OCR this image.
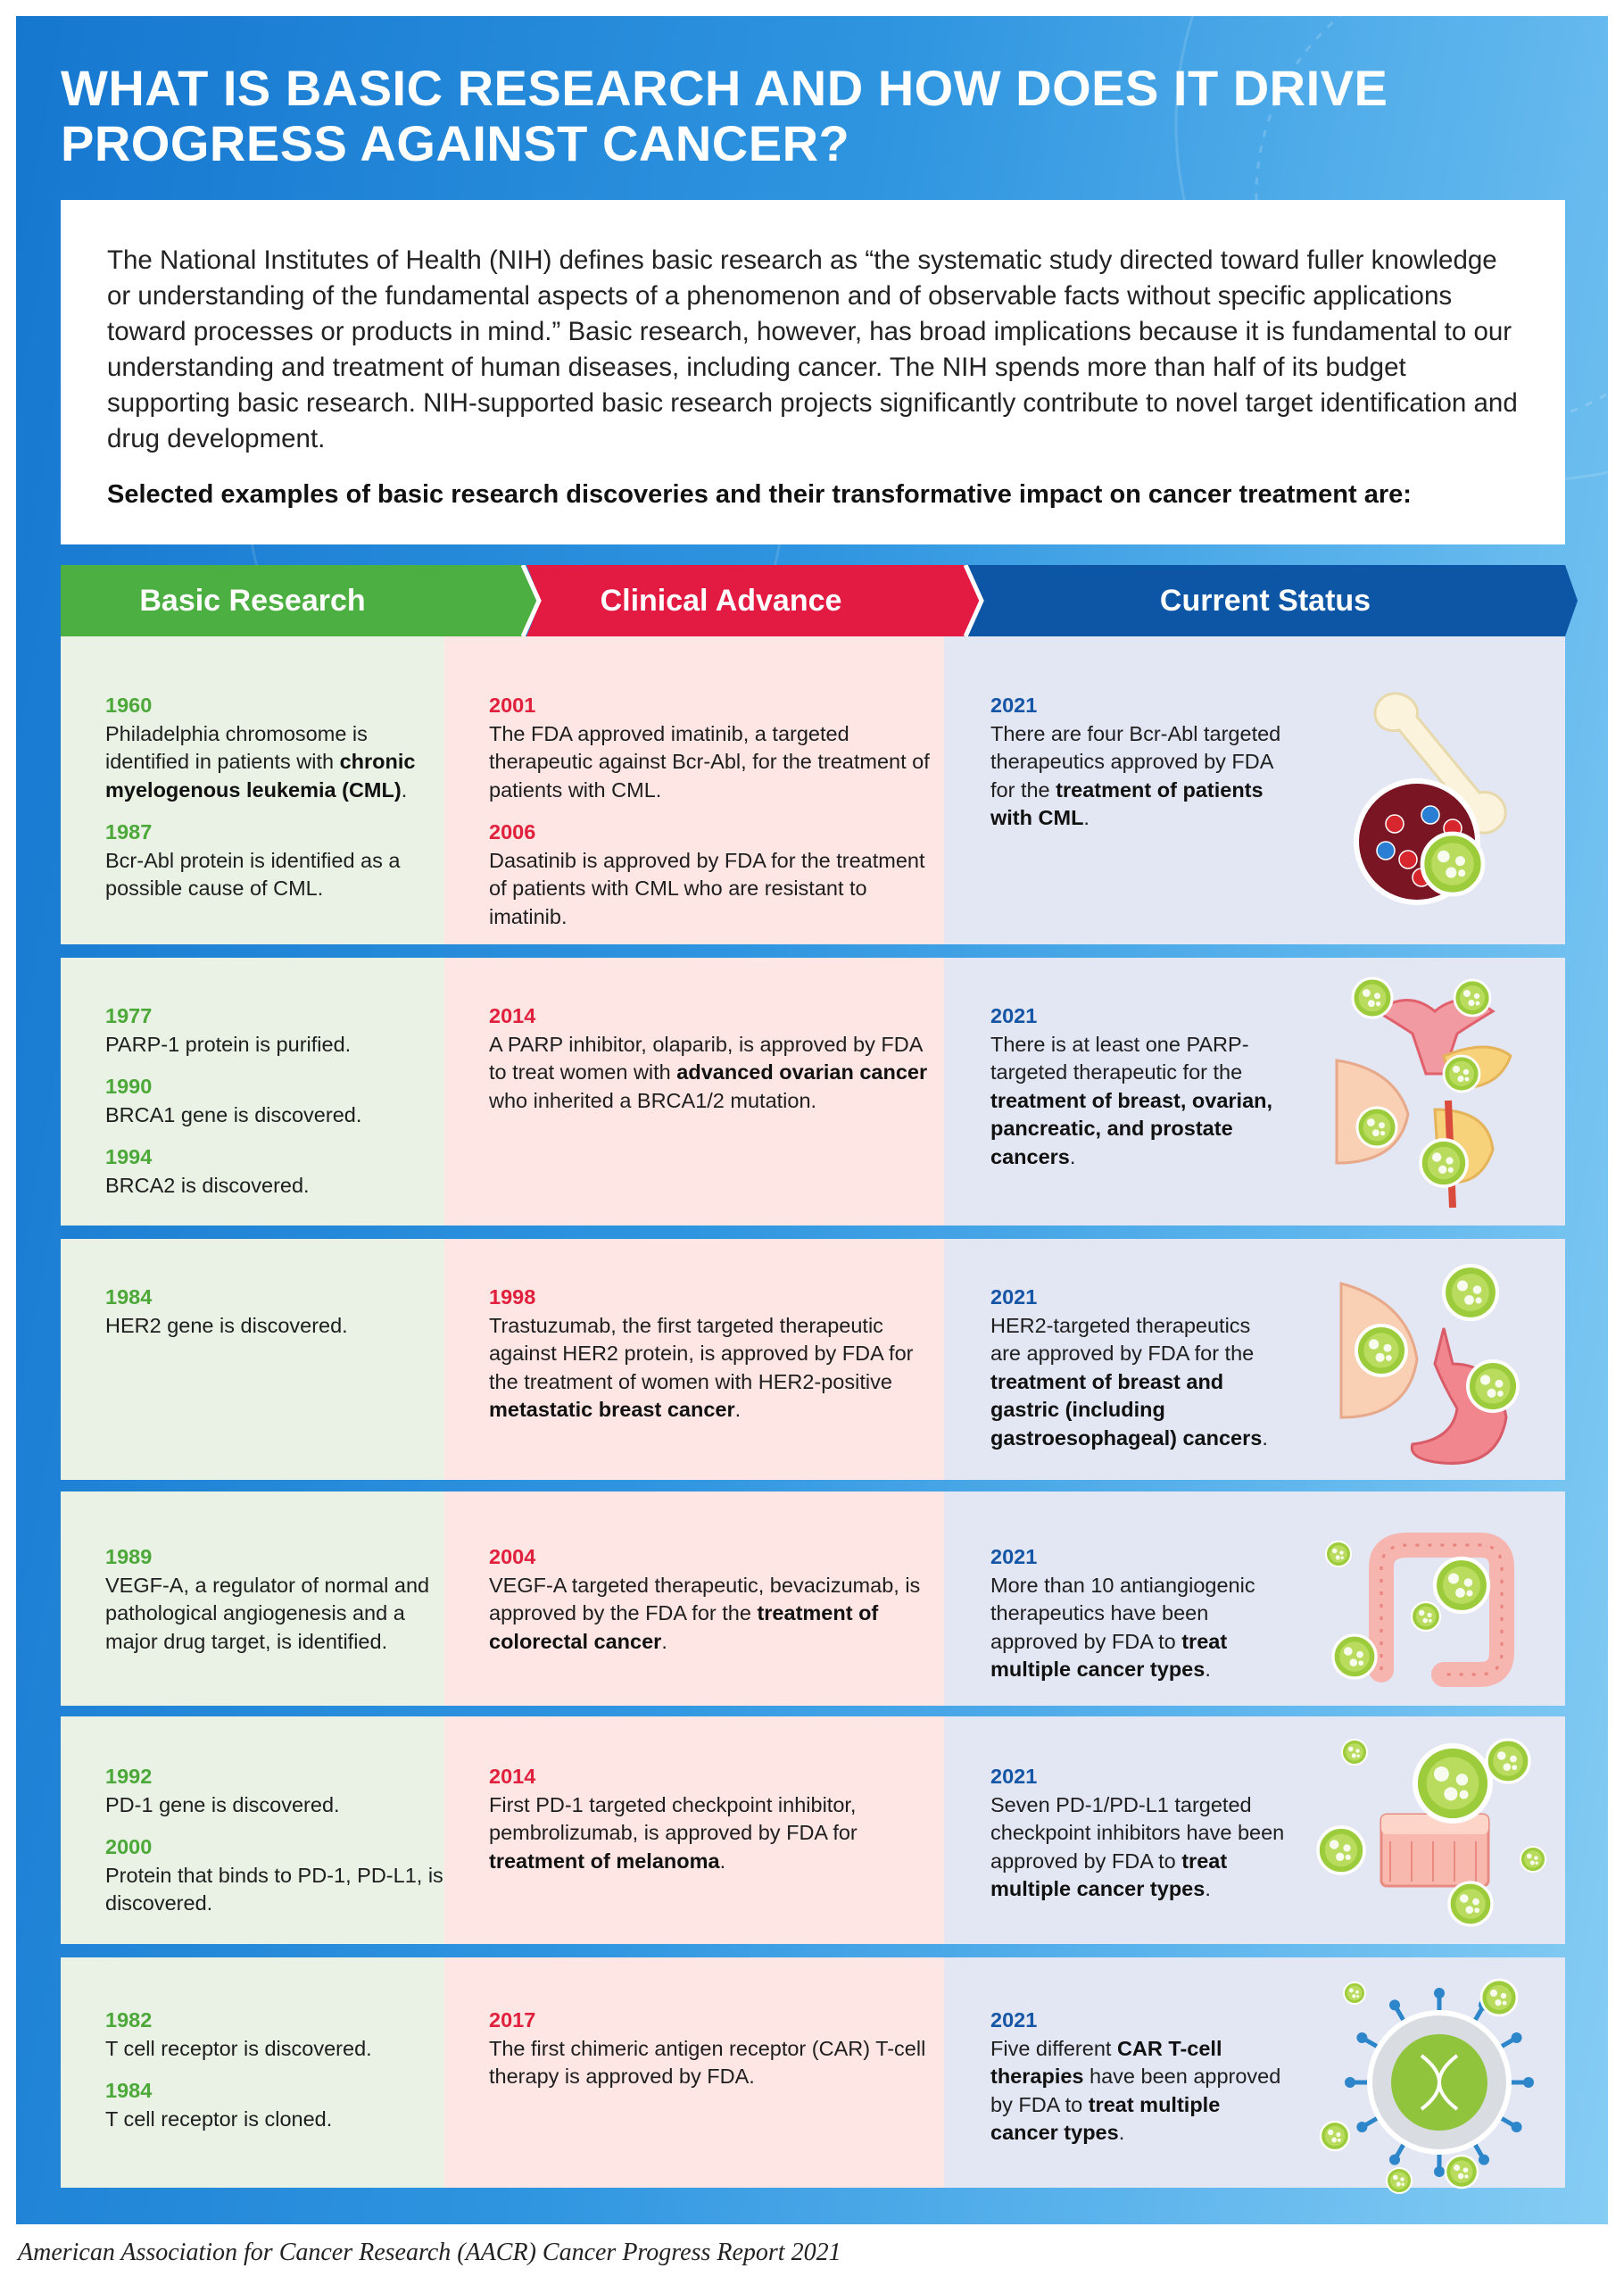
WHAT IS BASIC RESEARCH AND HOW DOES IT DRIVE
PROGRESS AGAINST CANCER?

The National Institutes of Health (NIH) defines basic research as “the systematic study directed toward fuller knowledge or understanding of the fundamental aspects of a phenomenon and of observable facts without specific applications toward processes or products in mind.” Basic research, however, has broad implications because it is fundamental to our understanding and treatment of human diseases, including cancer. The NIH spends more than half of its budget supporting basic research. NIH-supported basic research projects significantly contribute to novel target identification and drug development.

Selected examples of basic research discoveries and their transformative impact on cancer treatment are:

Basic Research	Clinical Advance	Current Status
1960
Philadelphia chromosome is identified in patients with chronic myelogenous leukemia (CML).
1987
Bcr-Abl protein is identified as a possible cause of CML.
2001
The FDA approved imatinib, a targeted therapeutic against Bcr-Abl, for the treatment of patients with CML.
2006
Dasatinib is approved by FDA for the treatment of patients with CML who are resistant to imatinib.
2021
There are four Bcr-Abl targeted therapeutics approved by FDA for the treatment of patients with CML.
1977
PARP-1 protein is purified.
1990
BRCA1 gene is discovered.
1994
BRCA2 is discovered.
2014
A PARP inhibitor, olaparib, is approved by FDA to treat women with advanced ovarian cancer who inherited a BRCA1/2 mutation.
2021
There is at least one PARP-targeted therapeutic for the treatment of breast, ovarian, pancreatic, and prostate cancers.
1984
HER2 gene is discovered.
1998
Trastuzumab, the first targeted therapeutic against HER2 protein, is approved by FDA for the treatment of women with HER2-positive metastatic breast cancer.
2021
HER2-targeted therapeutics are approved by FDA for the treatment of breast and gastric (including gastroesophageal) cancers.
1989
VEGF-A, a regulator of normal and pathological angiogenesis and a major drug target, is identified.
2004
VEGF-A targeted therapeutic, bevacizumab, is approved by the FDA for the treatment of colorectal cancer.
2021
More than 10 antiangiogenic therapeutics have been approved by FDA to treat multiple cancer types.
1992
PD-1 gene is discovered.
2000
Protein that binds to PD-1, PD-L1, is discovered.
2014
First PD-1 targeted checkpoint inhibitor, pembrolizumab, is approved by FDA for treatment of melanoma.
2021
Seven PD-1/PD-L1 targeted checkpoint inhibitors have been approved by FDA to treat multiple cancer types.
1982
T cell receptor is discovered.
1984
T cell receptor is cloned.
2017
The first chimeric antigen receptor (CAR) T-cell therapy is approved by FDA.
2021
Five different CAR T-cell therapies have been approved by FDA to treat multiple cancer types.
American Association for Cancer Research (AACR) Cancer Progress Report 2021
